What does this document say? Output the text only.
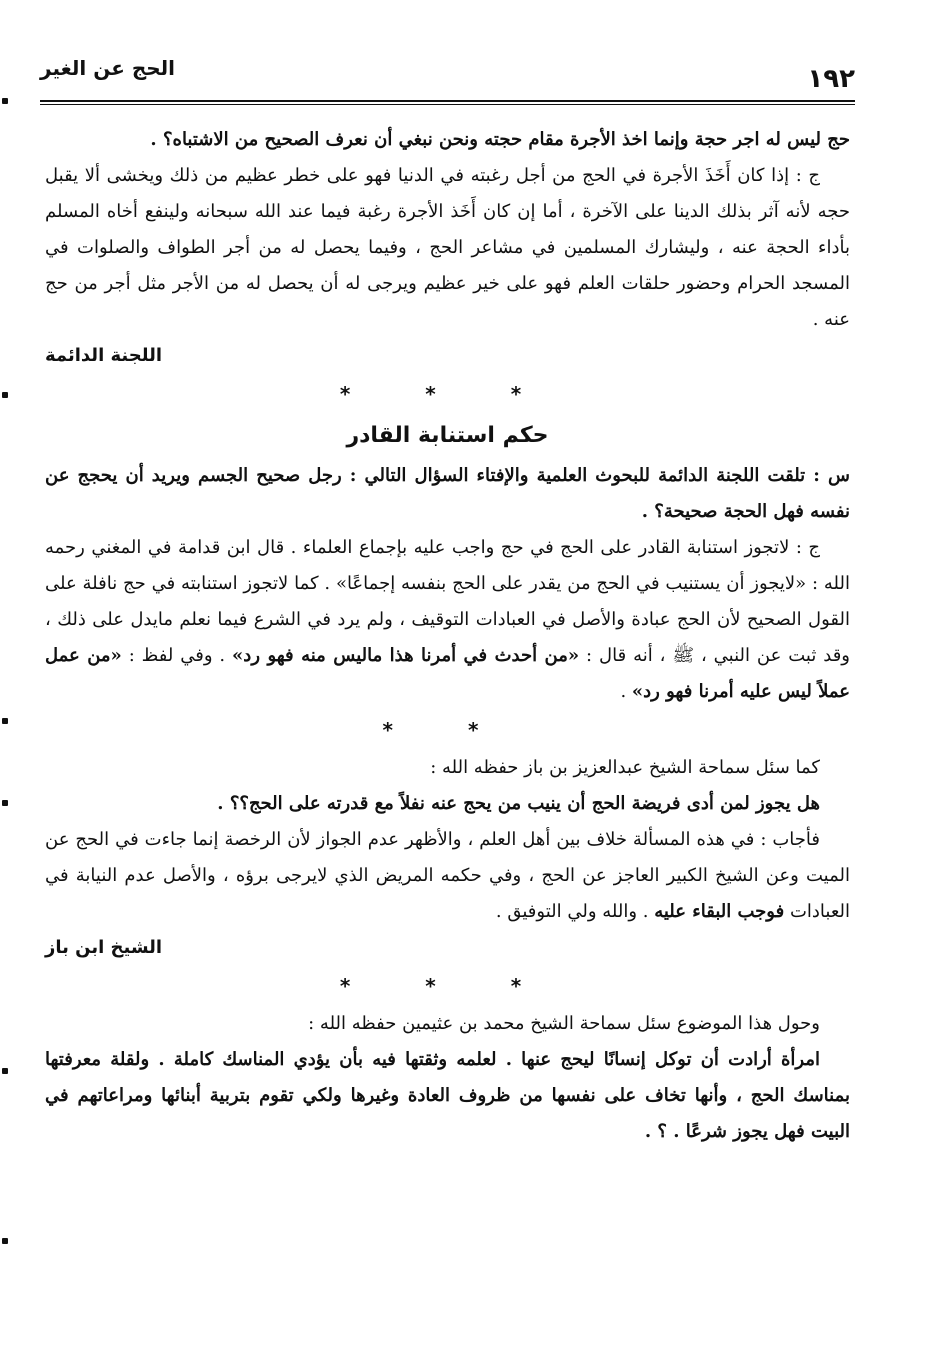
الحج عن الغير	١٩٢

حج ليس له اجر حجة وإنما اخذ الأجرة مقام حجته ونحن نبغي أن نعرف الصحيح من الاشتباه؟ .

ج : إذا كان أَخَذَ الأجرة في الحج من أجل رغبته في الدنيا فهو على خطر عظيم من ذلك ويخشى ألا يقبل حجه لأنه آثر بذلك الدينا على الآخرة ، أما إن كان أَخَذ الأجرة رغبة فيما عند الله سبحانه ولينفع أخاه المسلم بأداء الحجة عنه ، وليشارك المسلمين في مشاعر الحج ، وفيما يحصل له من أجر الطواف والصلوات في المسجد الحرام وحضور حلقات العلم فهو على خير عظيم ويرجى له أن يحصل له من الأجر مثل أجر من حج عنه .

اللجنة الدائمة

* * *

حكم استنابة القادر

س : تلقت اللجنة الدائمة للبحوث العلمية والإفتاء السؤال التالي : رجل صحيح الجسم ويريد أن يحجج عن نفسه فهل الحجة صحيحة؟ .

ج : لاتجوز استنابة القادر على الحج في حج واجب عليه بإجماع العلماء . قال ابن قدامة في المغني رحمه الله : «لايجوز أن يستنيب في الحج من يقدر على الحج بنفسه إجماعًا» . كما لاتجوز استنابته في حج نافلة على القول الصحيح لأن الحج عبادة والأصل في العبادات التوقيف ، ولم يرد في الشرع فيما نعلم مايدل على ذلك ، وقد ثبت عن النبي ، ﷺ ، أنه قال : «من أحدث في أمرنا هذا ماليس منه فهو رد» . وفي لفظ : «من عمل عملاً ليس عليه أمرنا فهو رد» .

* *

كما سئل سماحة الشيخ عبدالعزيز بن باز حفظه الله :

هل يجوز لمن أدى فريضة الحج أن ينيب من يحج عنه نفلاً مع قدرته على الحج؟؟ .

فأجاب : في هذه المسألة خلاف بين أهل العلم ، والأظهر عدم الجواز لأن الرخصة إنما جاءت في الحج عن الميت وعن الشيخ الكبير العاجز عن الحج ، وفي حكمه المريض الذي لايرجى برؤه ، والأصل عدم النيابة في العبادات فوجب البقاء عليه . والله ولي التوفيق .

الشيخ ابن باز

* * *

وحول هذا الموضوع سئل سماحة الشيخ محمد بن عثيمين حفظه الله :

امرأة أرادت أن توكل إنسانًا ليحج عنها . لعلمه وثقتها فيه بأن يؤدي المناسك كاملة . ولقلة معرفتها بمناسك الحج ، وأنها تخاف على نفسها من ظروف العادة وغيرها ولكي تقوم بتربية أبنائها ومراعاتهم في البيت فهل يجوز شرعًا . ؟ .
